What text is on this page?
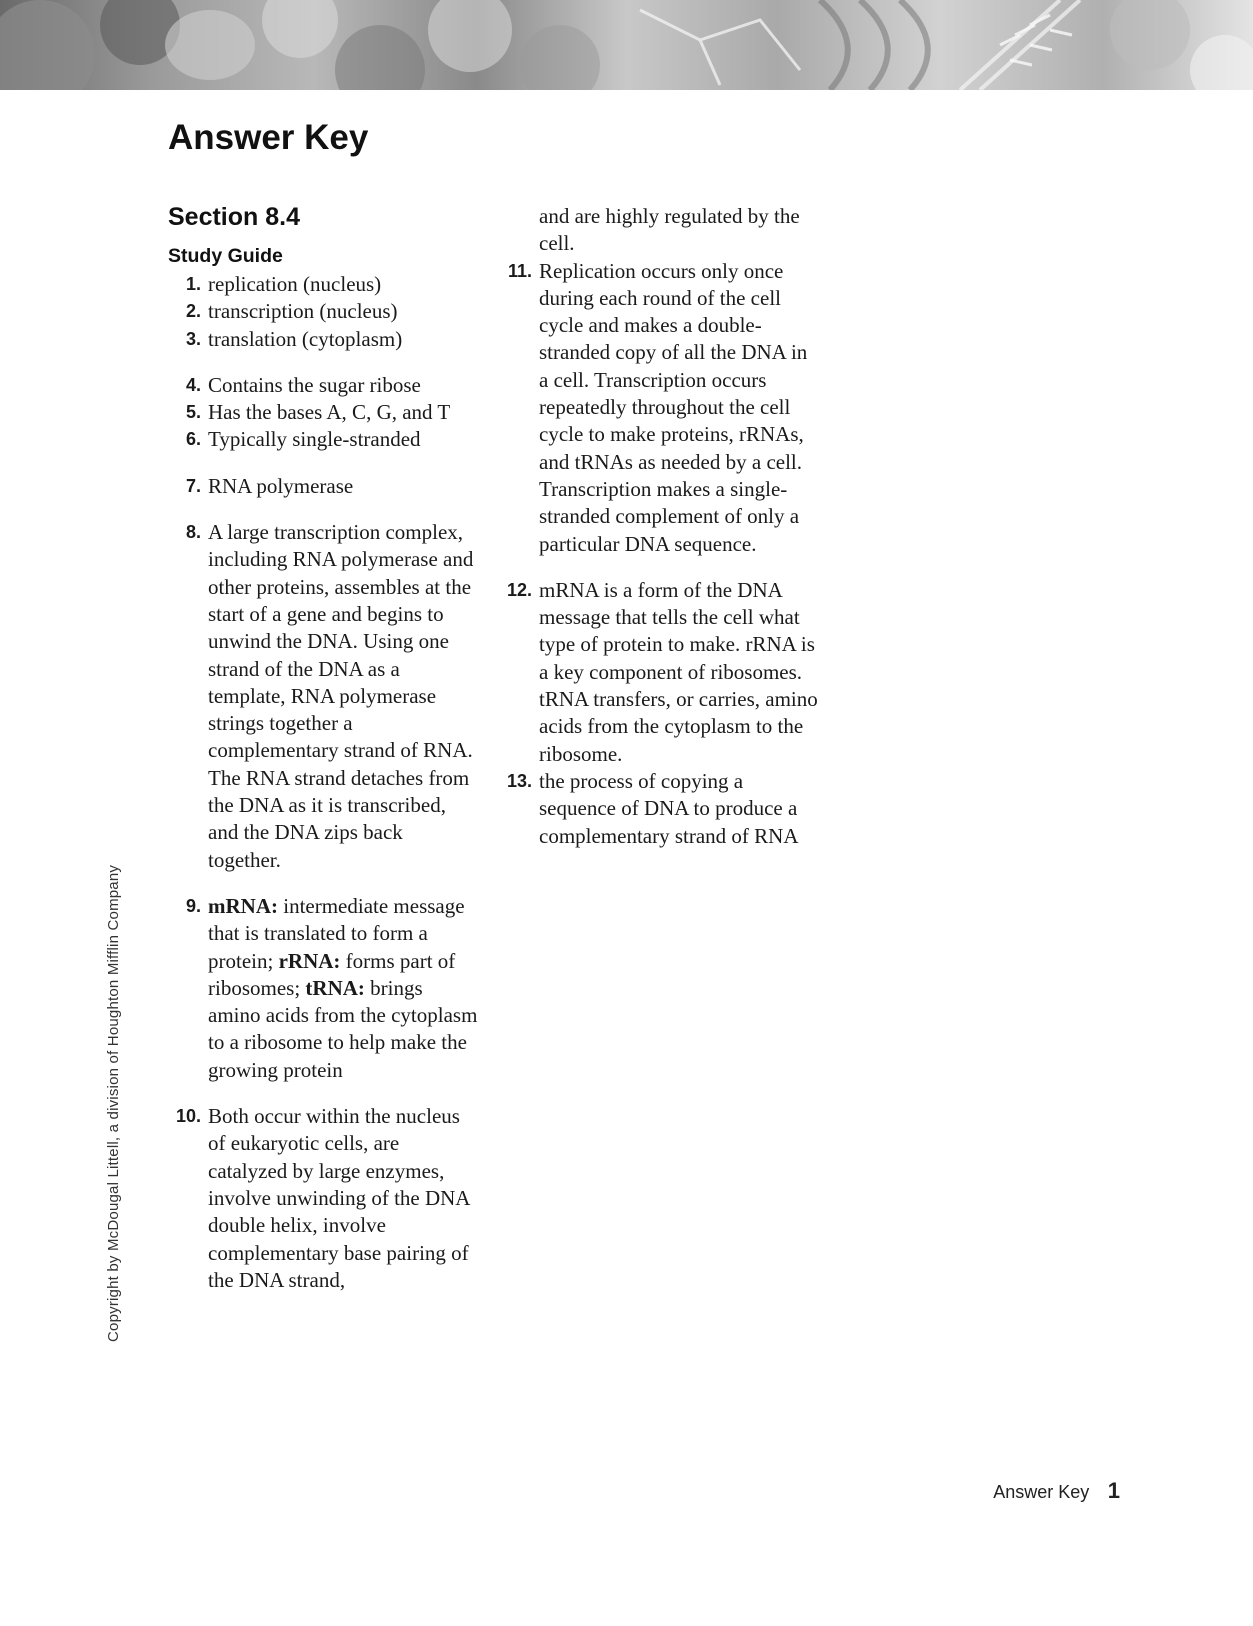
Answer Key
Section 8.4
Study Guide
1. replication (nucleus)
2. transcription (nucleus)
3. translation (cytoplasm)
4. Contains the sugar ribose
5. Has the bases A, C, G, and T
6. Typically single-stranded
7. RNA polymerase
8. A large transcription complex, including RNA polymerase and other proteins, assembles at the start of a gene and begins to unwind the DNA. Using one strand of the DNA as a template, RNA polymerase strings together a complementary strand of RNA. The RNA strand detaches from the DNA as it is transcribed, and the DNA zips back together.
9. mRNA: intermediate message that is translated to form a protein; rRNA: forms part of ribosomes; tRNA: brings amino acids from the cytoplasm to a ribosome to help make the growing protein
10. Both occur within the nucleus of eukaryotic cells, are catalyzed by large enzymes, involve unwinding of the DNA double helix, involve complementary base pairing of the DNA strand,
and are highly regulated by the cell.
11. Replication occurs only once during each round of the cell cycle and makes a double-stranded copy of all the DNA in a cell. Transcription occurs repeatedly throughout the cell cycle to make proteins, rRNAs, and tRNAs as needed by a cell. Transcription makes a single-stranded complement of only a particular DNA sequence.
12. mRNA is a form of the DNA message that tells the cell what type of protein to make. rRNA is a key component of ribosomes. tRNA transfers, or carries, amino acids from the cytoplasm to the ribosome.
13. the process of copying a sequence of DNA to produce a complementary strand of RNA
Copyright by McDougal Littell, a division of Houghton Mifflin Company
Answer Key 1
